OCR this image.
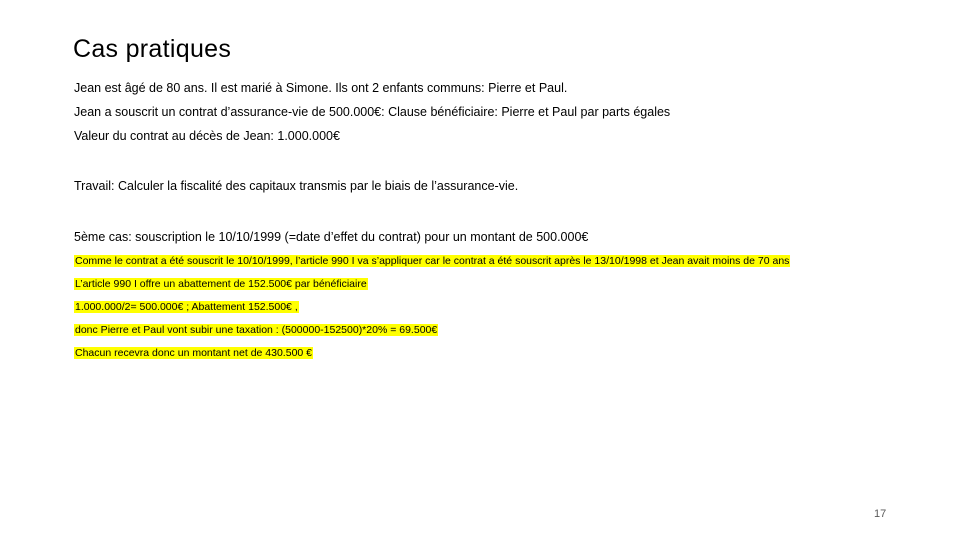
Cas pratiques
Jean est âgé de 80 ans. Il est marié à Simone. Ils ont 2 enfants communs: Pierre et Paul.
Jean a souscrit un contrat d’assurance-vie de 500.000€: Clause bénéficiaire: Pierre et Paul par parts égales
Valeur du contrat au décès de Jean: 1.000.000€
Travail: Calculer la fiscalité des capitaux transmis par le biais de l’assurance-vie.
5ème cas: souscription le 10/10/1999 (=date d’effet du contrat) pour un montant de 500.000€
Comme le contrat a été souscrit le 10/10/1999, l’article 990 I va s’appliquer car le contrat a été souscrit après le 13/10/1998 et Jean avait moins de 70 ans
L’article 990 I offre un abattement de 152.500€ par bénéficiaire
1.000.000/2= 500.000€ ; Abattement 152.500€ ,
donc Pierre et Paul vont subir une taxation : (500000-152500)*20% = 69.500€
Chacun recevra donc un montant net de 430.500 €
17
